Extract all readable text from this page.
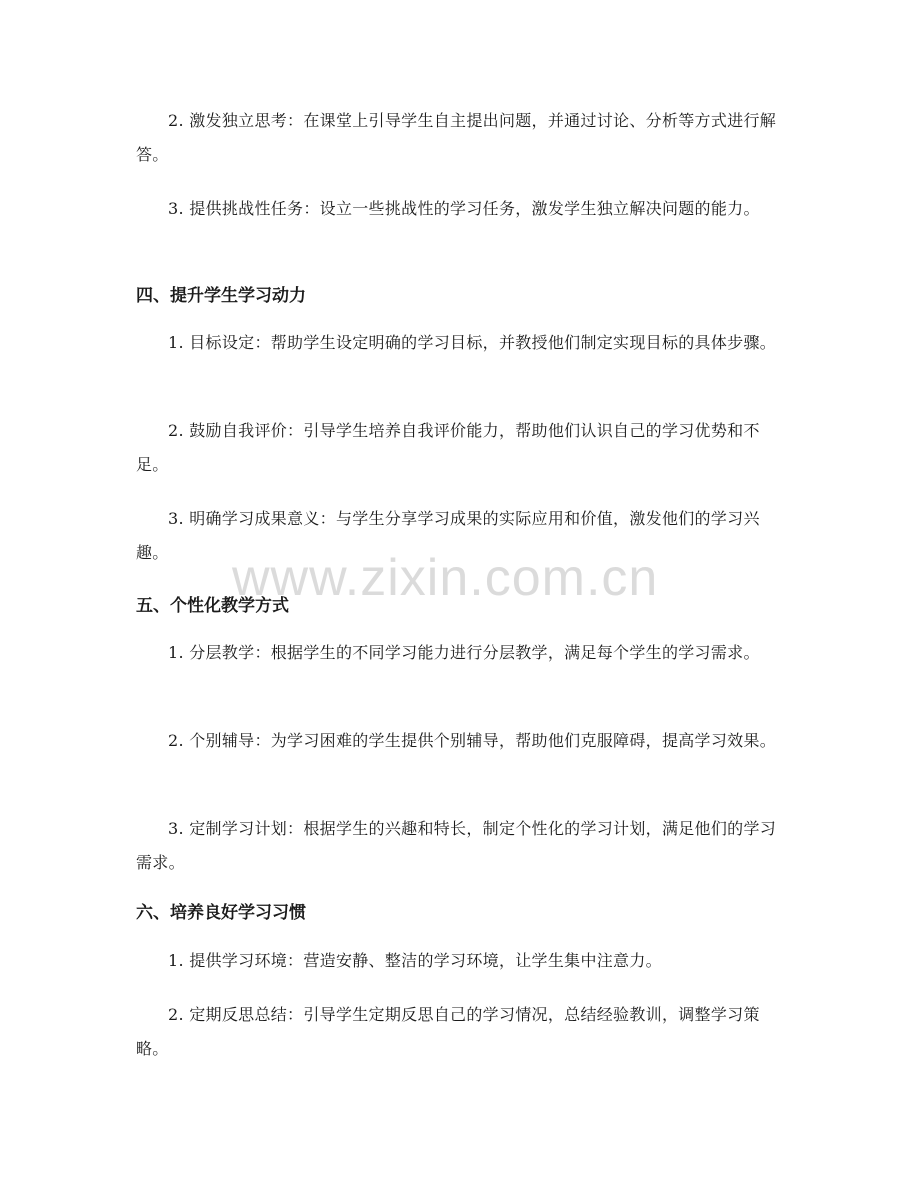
2. 激发独立思考：在课堂上引导学生自主提出问题，并通过讨论、分析等方式进行解答。

3. 提供挑战性任务：设立一些挑战性的学习任务，激发学生独立解决问题的能力。

四、提升学生学习动力

1. 目标设定：帮助学生设定明确的学习目标，并教授他们制定实现目标的具体步骤。

2. 鼓励自我评价：引导学生培养自我评价能力，帮助他们认识自己的学习优势和不足。

3. 明确学习成果意义：与学生分享学习成果的实际应用和价值，激发他们的学习兴趣。

五、个性化教学方式

1. 分层教学：根据学生的不同学习能力进行分层教学，满足每个学生的学习需求。

2. 个别辅导：为学习困难的学生提供个别辅导，帮助他们克服障碍，提高学习效果。

3. 定制学习计划：根据学生的兴趣和特长，制定个性化的学习计划，满足他们的学习需求。

六、培养良好学习习惯

1. 提供学习环境：营造安静、整洁的学习环境，让学生集中注意力。

2. 定期反思总结：引导学生定期反思自己的学习情况，总结经验教训，调整学习策略。

www.zixin.com.cn
